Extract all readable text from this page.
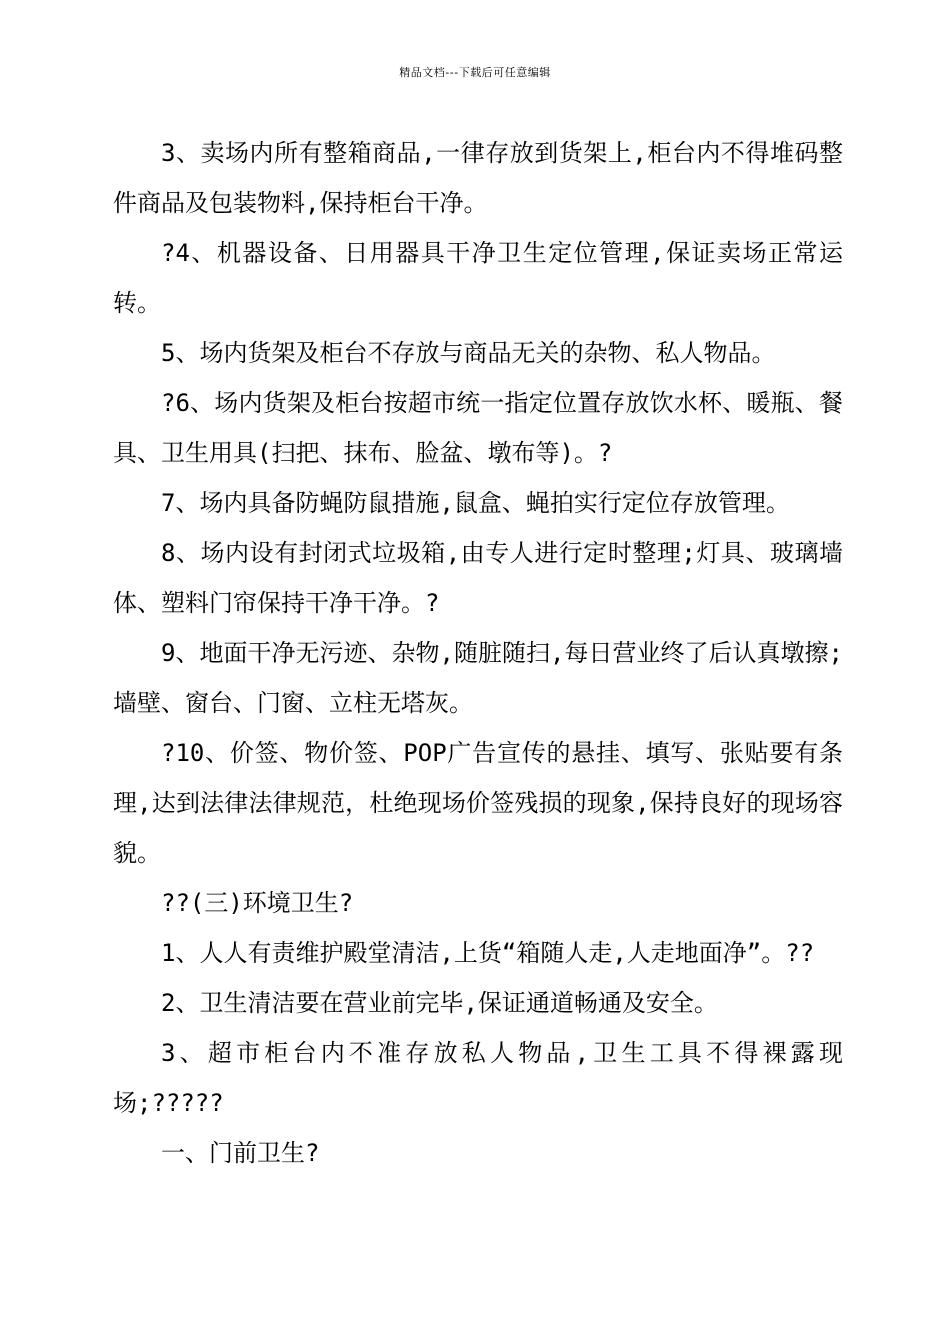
精品文档---下载后可任意编辑

3、卖场内所有整箱商品,一律存放到货架上,柜台内不得堆码整件商品及包装物料,保持柜台干净。

?4、机器设备、日用器具干净卫生定位管理,保证卖场正常运转。

5、场内货架及柜台不存放与商品无关的杂物、私人物品。

?6、场内货架及柜台按超市统一指定位置存放饮水杯、暖瓶、餐具、卫生用具(扫把、抹布、脸盆、墩布等)。?

7、场内具备防蝇防鼠措施,鼠盒、蝇拍实行定位存放管理。

8、场内设有封闭式垃圾箱,由专人进行定时整理;灯具、玻璃墙体、塑料门帘保持干净干净。?

9、地面干净无污迹、杂物,随脏随扫,每日营业终了后认真墩擦;墙壁、窗台、门窗、立柱无塔灰。

?10、价签、物价签、POP广告宣传的悬挂、填写、张贴要有条理,达到法律法律规范，杜绝现场价签残损的现象,保持良好的现场容貌。

??(三)环境卫生?

1、人人有责维护殿堂清洁,上货“箱随人走,人走地面净”。??

2、卫生清洁要在营业前完毕,保证通道畅通及安全。

3、超市柜台内不准存放私人物品,卫生工具不得裸露现场;?????

一、门前卫生?
